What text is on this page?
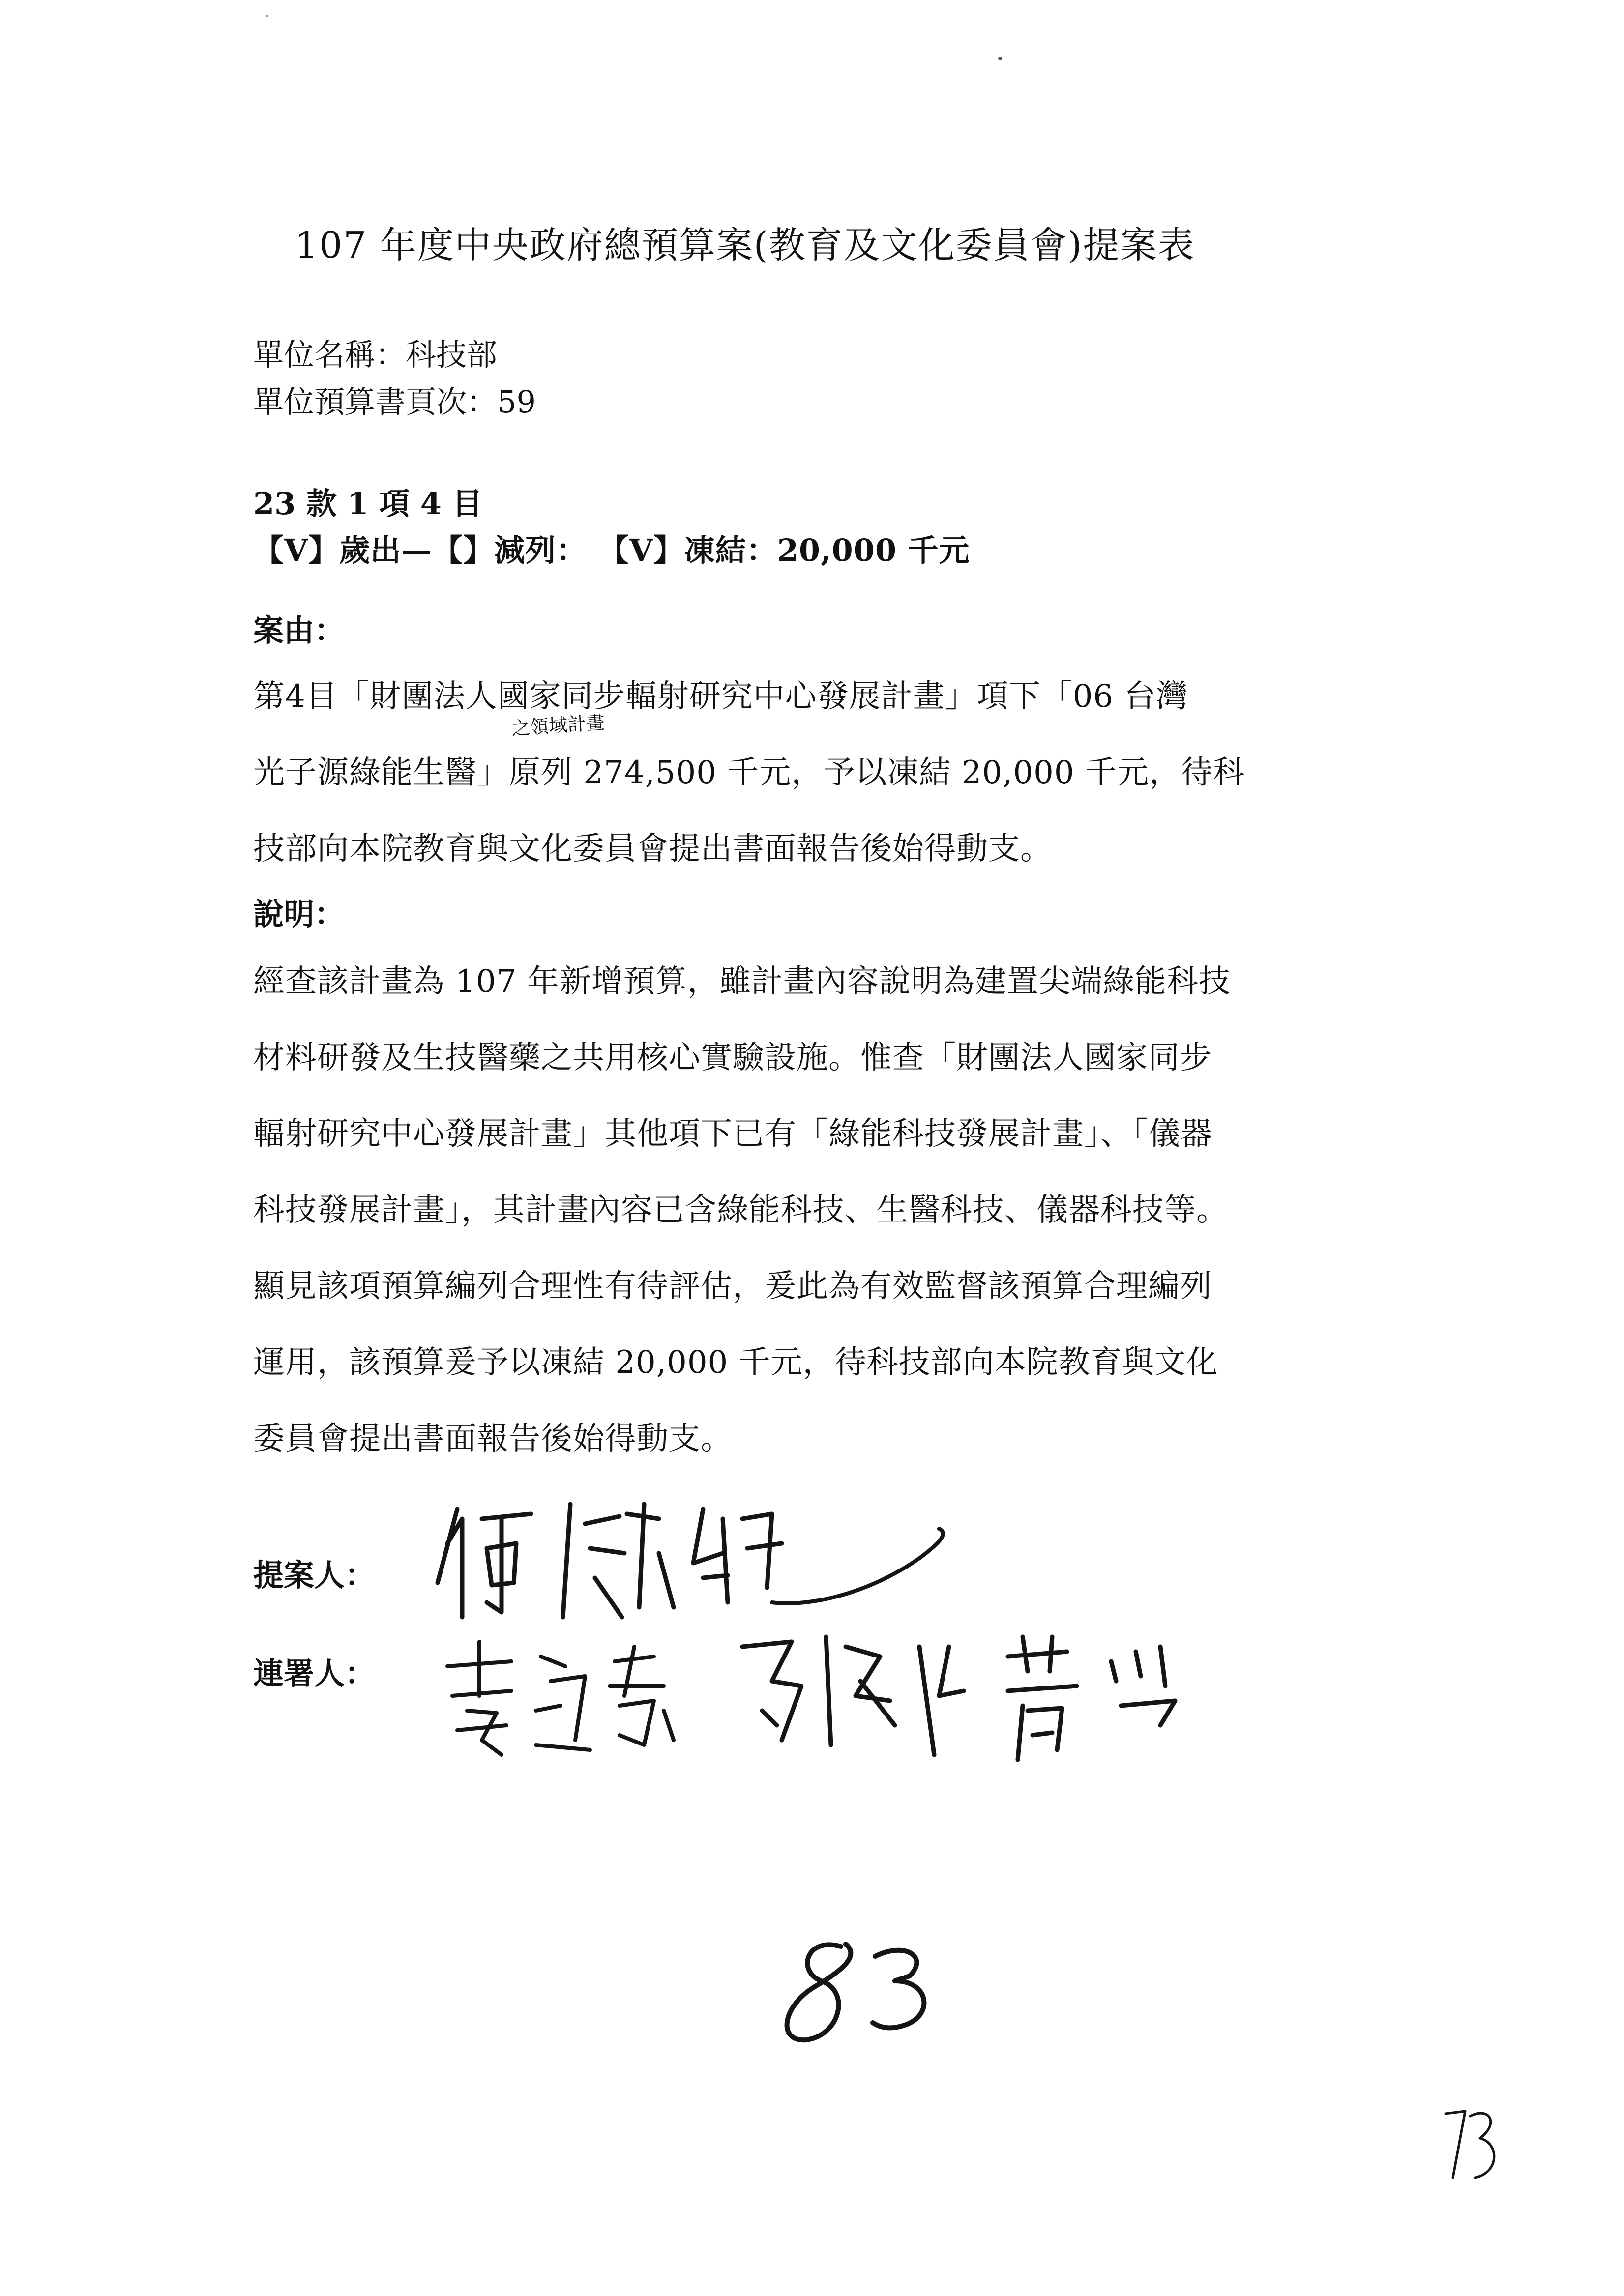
107 年度中央政府總預算案(教育及文化委員會)提案表
單位名稱：科技部
單位預算書頁次：59
23 款 1 項 4 目
【V】歲出—【】減列： 【V】凍結：20,000 千元
案由：
第4目「財團法人國家同步輻射研究中心發展計畫」項下「06 台灣
光子源綠能生醫」原列 274,500 千元，予以凍結 20,000 千元，待科
技部向本院教育與文化委員會提出書面報告後始得動支。
之領域計畫
說明：
經查該計畫為 107 年新增預算，雖計畫內容說明為建置尖端綠能科技
材料研發及生技醫藥之共用核心實驗設施。惟查「財團法人國家同步
輻射研究中心發展計畫」其他項下已有「綠能科技發展計畫」、「儀器
科技發展計畫」，其計畫內容已含綠能科技、生醫科技、儀器科技等。
顯見該項預算編列合理性有待評估，爰此為有效監督該預算合理編列
運用，該預算爰予以凍結 20,000 千元，待科技部向本院教育與文化
委員會提出書面報告後始得動支。
提案人：
連署人：
